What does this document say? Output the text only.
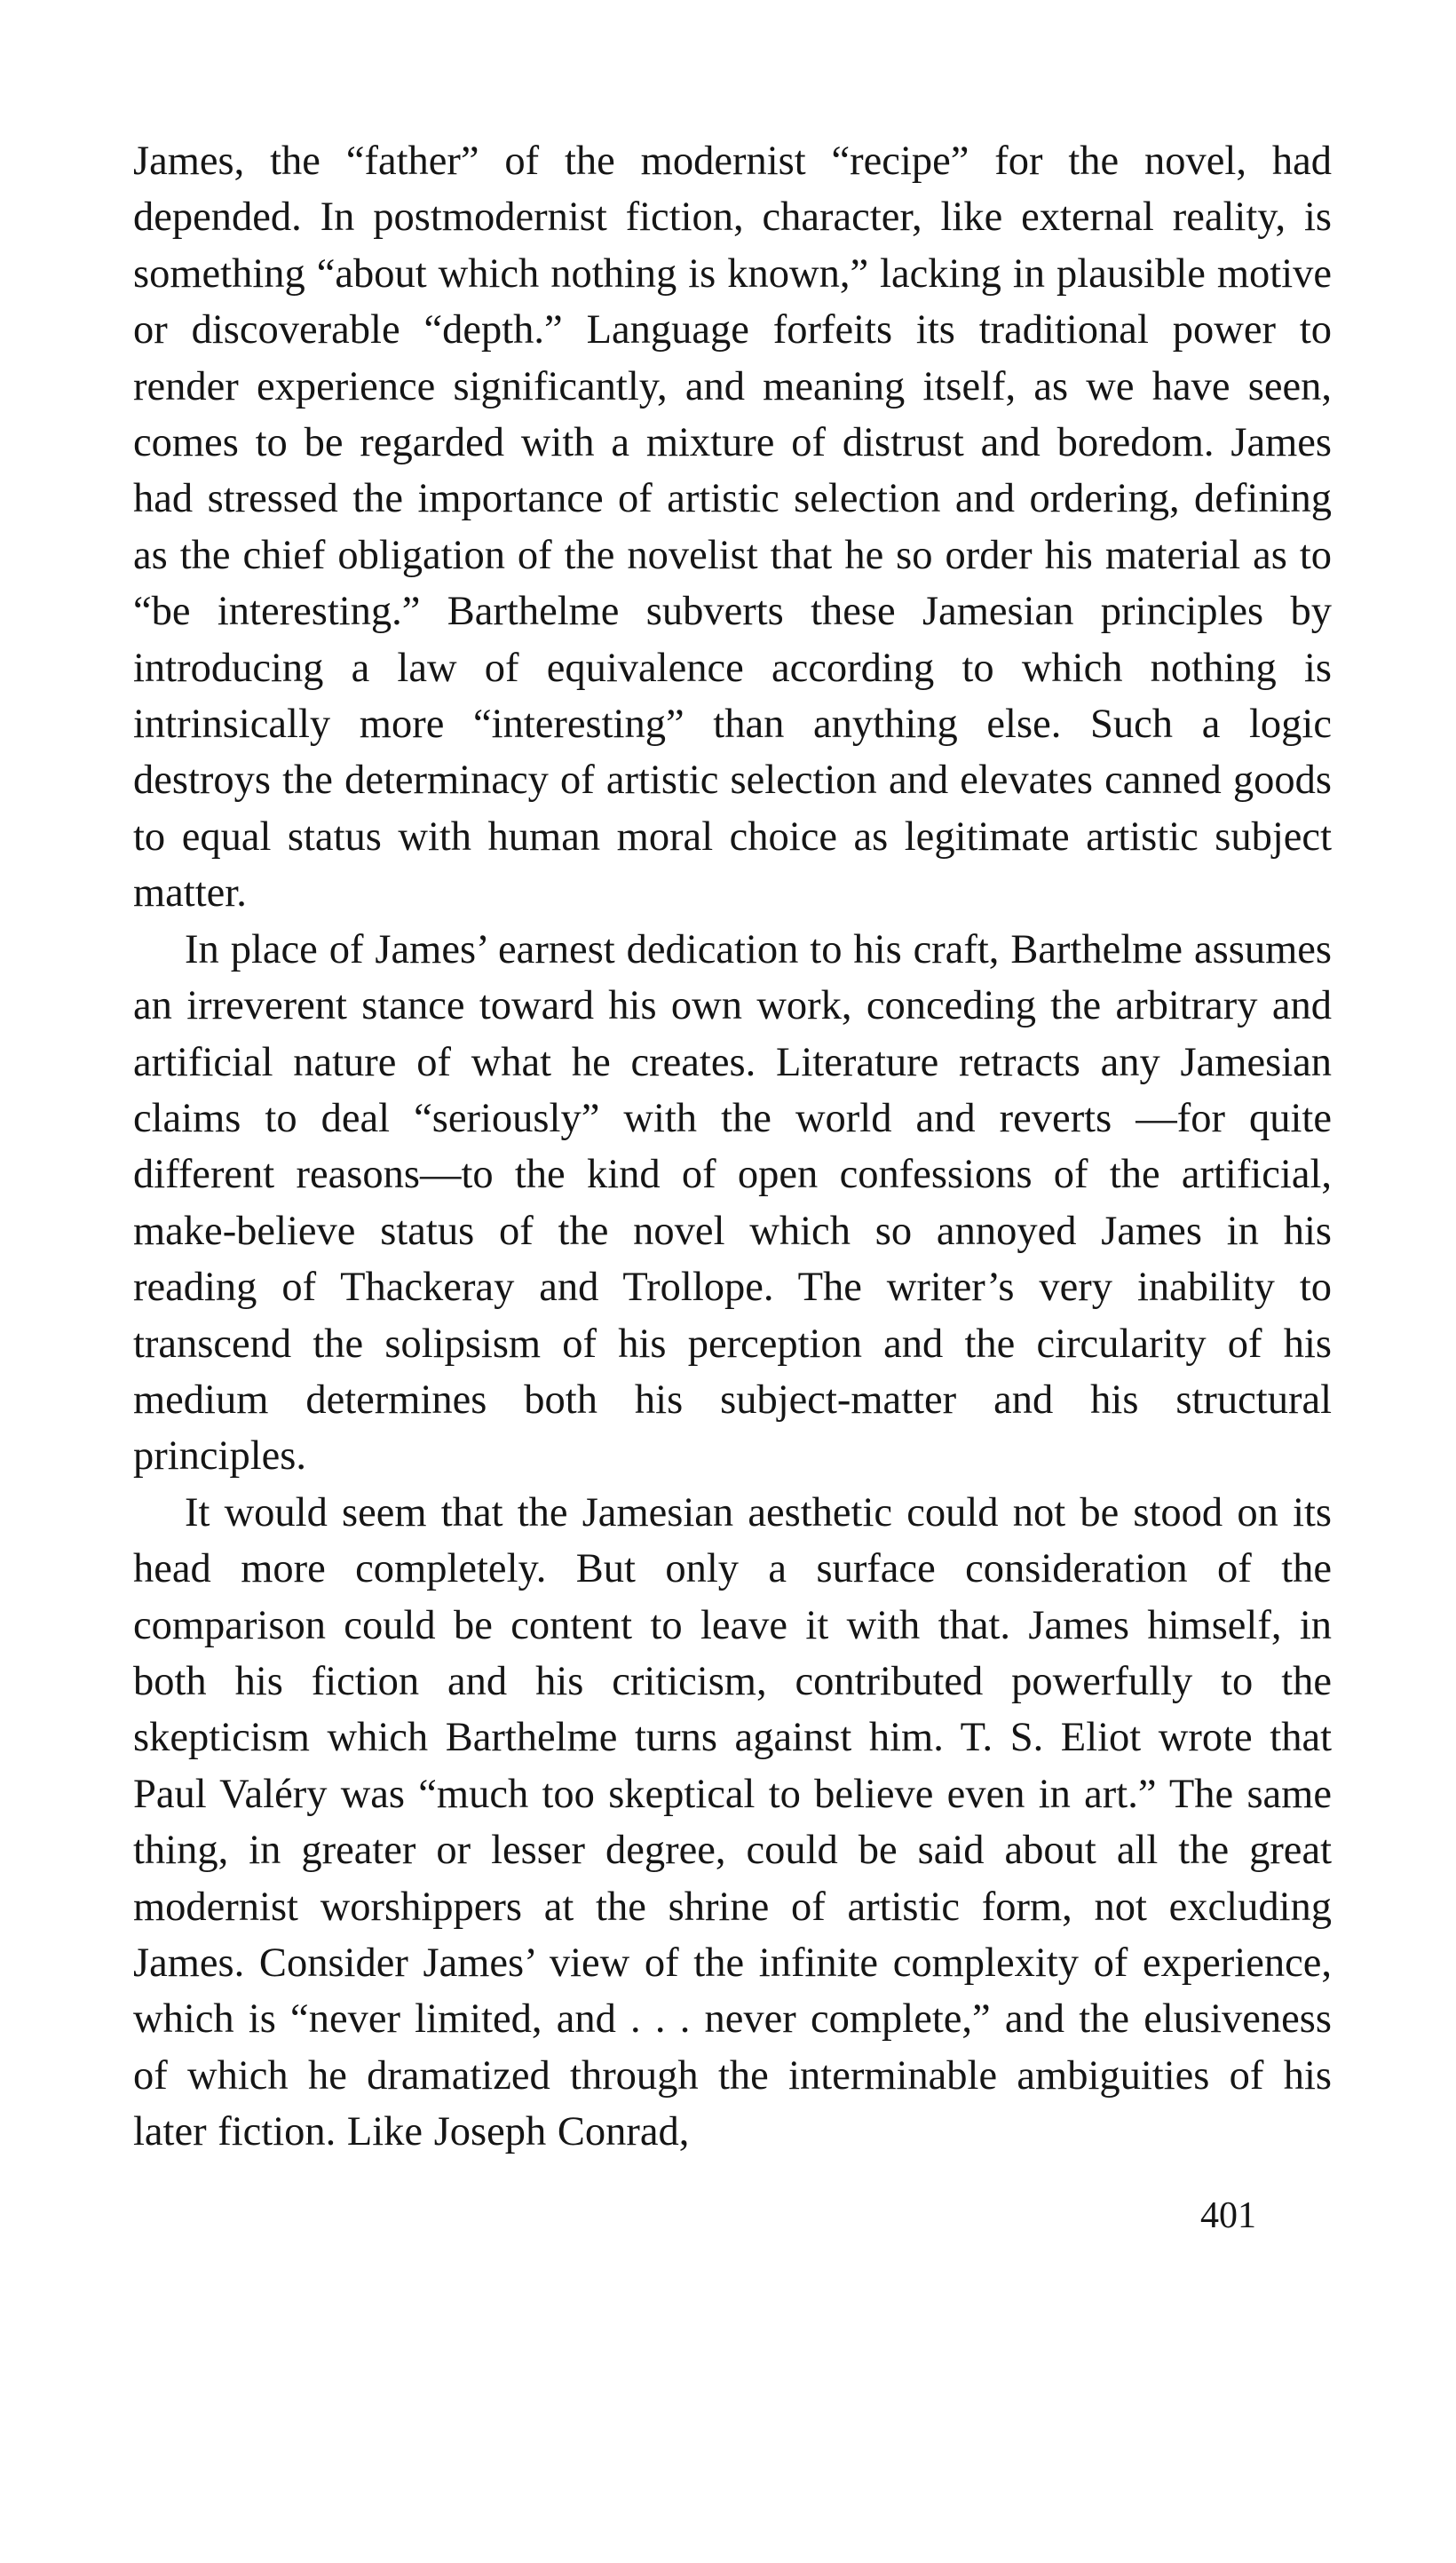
James, the “father” of the modernist “recipe” for the novel, had depended. In postmodernist fiction, character, like external reality, is something “about which nothing is known,” lacking in plausible motive or discoverable “depth.” Language forfeits its traditional power to render experience significantly, and meaning itself, as we have seen, comes to be regarded with a mixture of distrust and boredom. James had stressed the importance of artistic selection and ordering, defining as the chief obligation of the novelist that he so order his material as to “be interesting.” Barthelme subverts these Jamesian principles by introducing a law of equivalence according to which nothing is intrinsically more “interesting” than anything else. Such a logic destroys the determinacy of artistic selection and elevates canned goods to equal status with human moral choice as legitimate artistic subject matter.

In place of James’ earnest dedication to his craft, Barthelme assumes an irreverent stance toward his own work, conceding the arbitrary and artificial nature of what he creates. Literature retracts any Jamesian claims to deal “seriously” with the world and reverts —for quite different reasons—to the kind of open confessions of the artificial, make-believe status of the novel which so annoyed James in his reading of Thackeray and Trollope. The writer’s very inability to transcend the solipsism of his perception and the circularity of his medium determines both his subject-matter and his structural principles.

It would seem that the Jamesian aesthetic could not be stood on its head more completely. But only a surface consideration of the comparison could be content to leave it with that. James himself, in both his fiction and his criticism, contributed powerfully to the skepticism which Barthelme turns against him. T. S. Eliot wrote that Paul Valéry was “much too skeptical to believe even in art.” The same thing, in greater or lesser degree, could be said about all the great modernist worshippers at the shrine of artistic form, not excluding James. Consider James’ view of the infinite complexity of experience, which is “never limited, and . . . never complete,” and the elusiveness of which he dramatized through the interminable ambiguities of his later fiction. Like Joseph Conrad,

401
